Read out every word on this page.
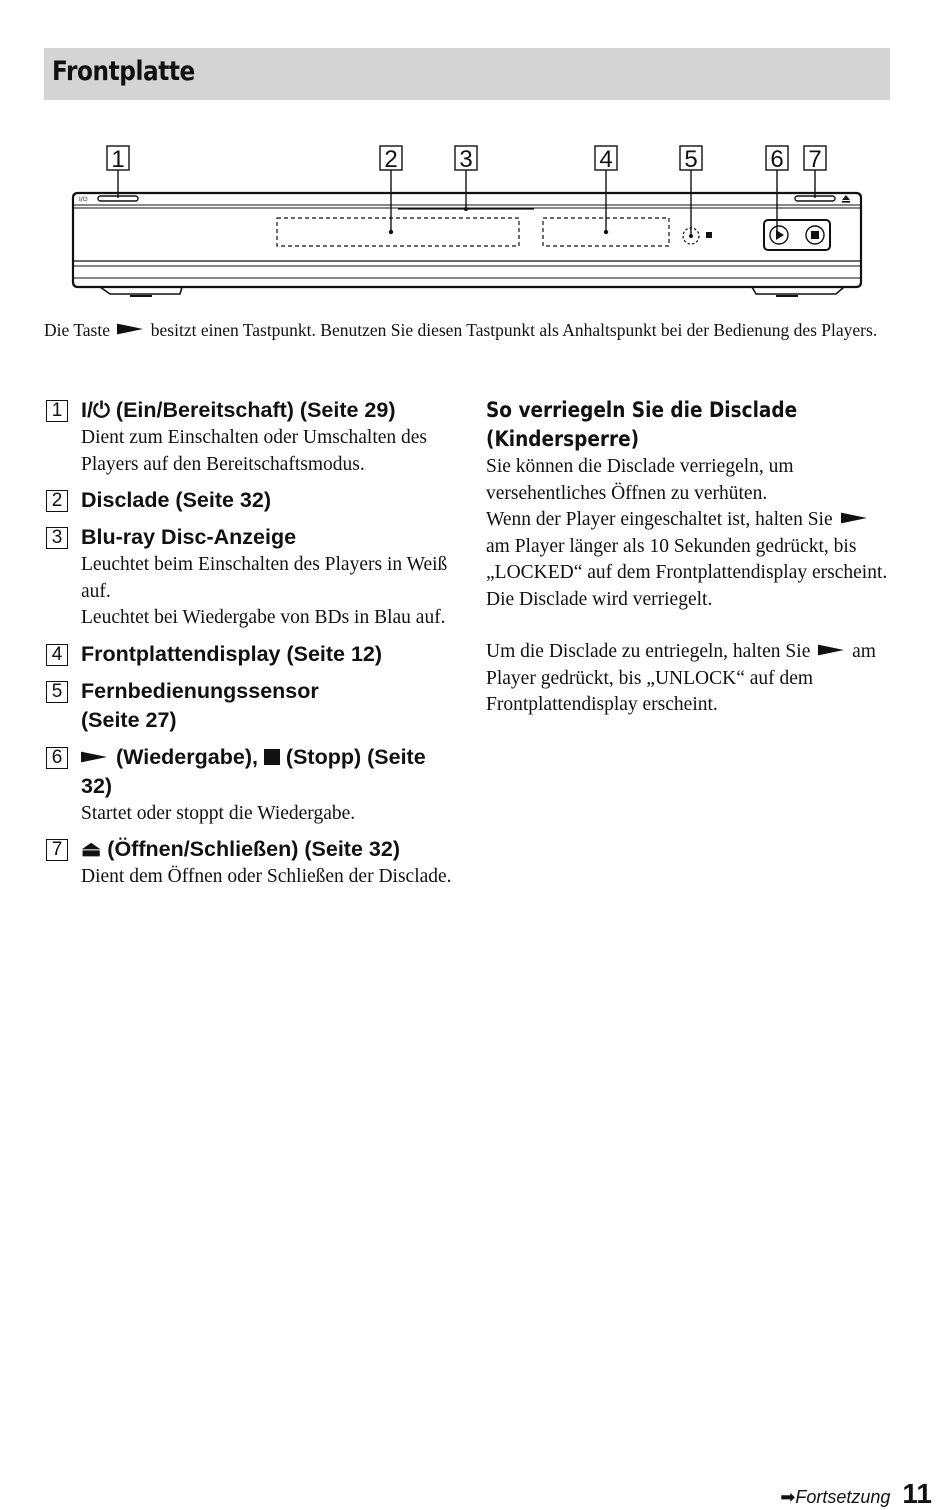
Frontplatte
1	2	3	4	5	6 7
I/⏻
Die Taste besitzt einen Tastpunkt. Benutzen Sie diesen Tastpunkt als Anhaltspunkt bei der Bedienung des Players.
1 I/⏻ (Ein/Bereitschaft) (Seite 29)
Dient zum Einschalten oder Umschalten des Players auf den Bereitschaftsmodus.
2 Disclade (Seite 32)
3 Blu-ray Disc-Anzeige
Leuchtet beim Einschalten des Players in Weiß auf.
Leuchtet bei Wiedergabe von BDs in Blau auf.
4 Frontplattendisplay (Seite 12)
5 Fernbedienungssensor (Seite 27)
6	(Wiedergabe), (Stopp) (Seite 32)
Startet oder stoppt die Wiedergabe.
7 ⏏ (Öffnen/Schließen) (Seite 32)
Dient dem Öffnen oder Schließen der Disclade.
So verriegeln Sie die Disclade
(Kindersperre)

Sie können die Disclade verriegeln, um versehentliches Öffnen zu verhüten.

Wenn der Player eingeschaltet ist, halten Sie  am Player länger als 10 Sekunden gedrückt, bis „LOCKED“ auf dem Frontplattendisplay erscheint. Die Disclade wird verriegelt.

Um die Disclade zu entriegeln, halten Sie am Player gedrückt, bis „UNLOCK“ auf dem Frontplattendisplay erscheint.

➡Fortsetzung 11
